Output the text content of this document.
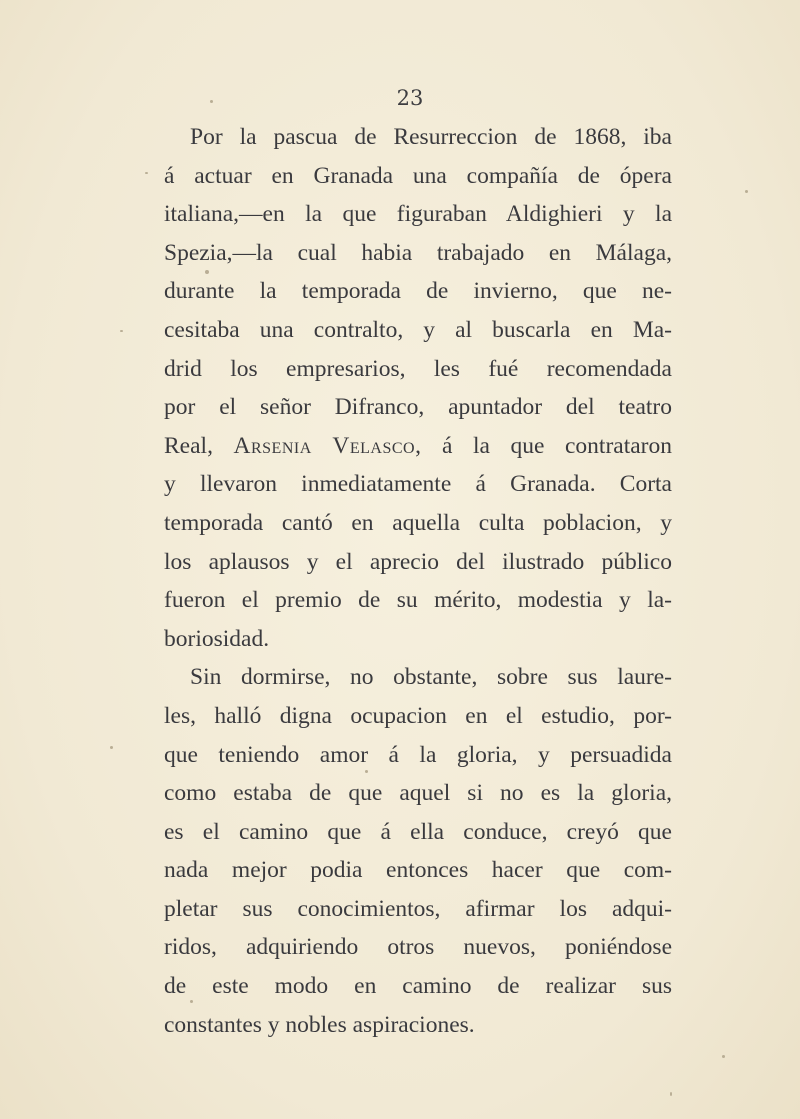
23
Por la pascua de Resurreccion de 1868, iba
á actuar en Granada una compañía de ópera
italiana,—en la que figuraban Aldighieri y la
Spezia,—la cual habia trabajado en Málaga,
durante la temporada de invierno, que ne-
cesitaba una contralto, y al buscarla en Ma-
drid los empresarios, les fué recomendada
por el señor Difranco, apuntador del teatro
Real, Arsenia Velasco, á la que contrataron
y llevaron inmediatamente á Granada. Corta
temporada cantó en aquella culta poblacion, y
los aplausos y el aprecio del ilustrado público
fueron el premio de su mérito, modestia y la-
boriosidad.
Sin dormirse, no obstante, sobre sus laure-
les, halló digna ocupacion en el estudio, por-
que teniendo amor á la gloria, y persuadida
como estaba de que aquel si no es la gloria,
es el camino que á ella conduce, creyó que
nada mejor podia entonces hacer que com-
pletar sus conocimientos, afirmar los adqui-
ridos, adquiriendo otros nuevos, poniéndose
de este modo en camino de realizar sus
constantes y nobles aspiraciones.
